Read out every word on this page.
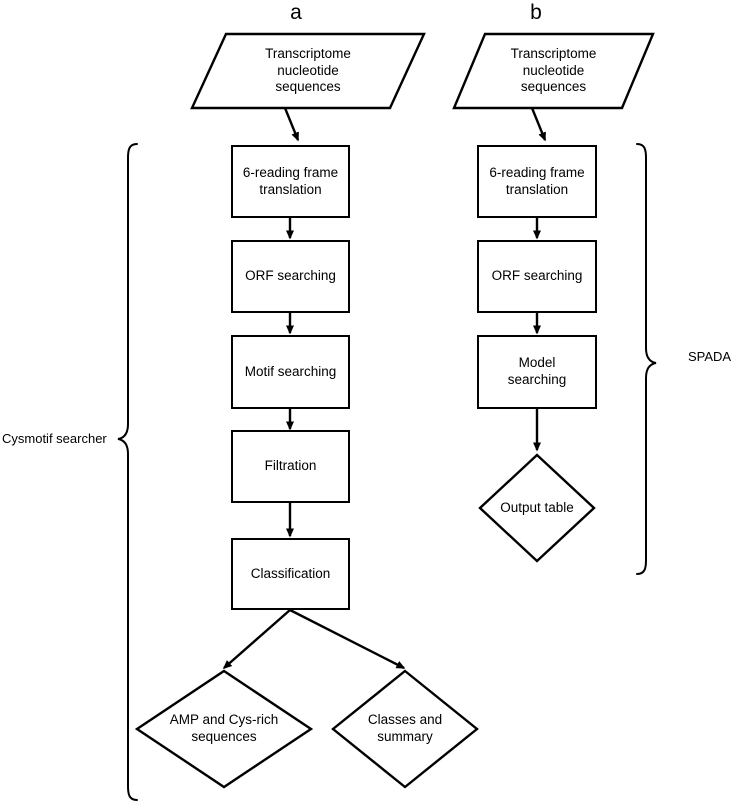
a	b
Cysmotif searcher
SPADA
Transcriptome
nucleotide
sequences
6-reading frame
translation
ORF searching
Motif searching
Filtration
Classification
AMP and Cys-rich
sequences
Classes and
summary
Transcriptome
nucleotide
sequences
6-reading frame
translation
ORF searching
Model
searching
Output table
